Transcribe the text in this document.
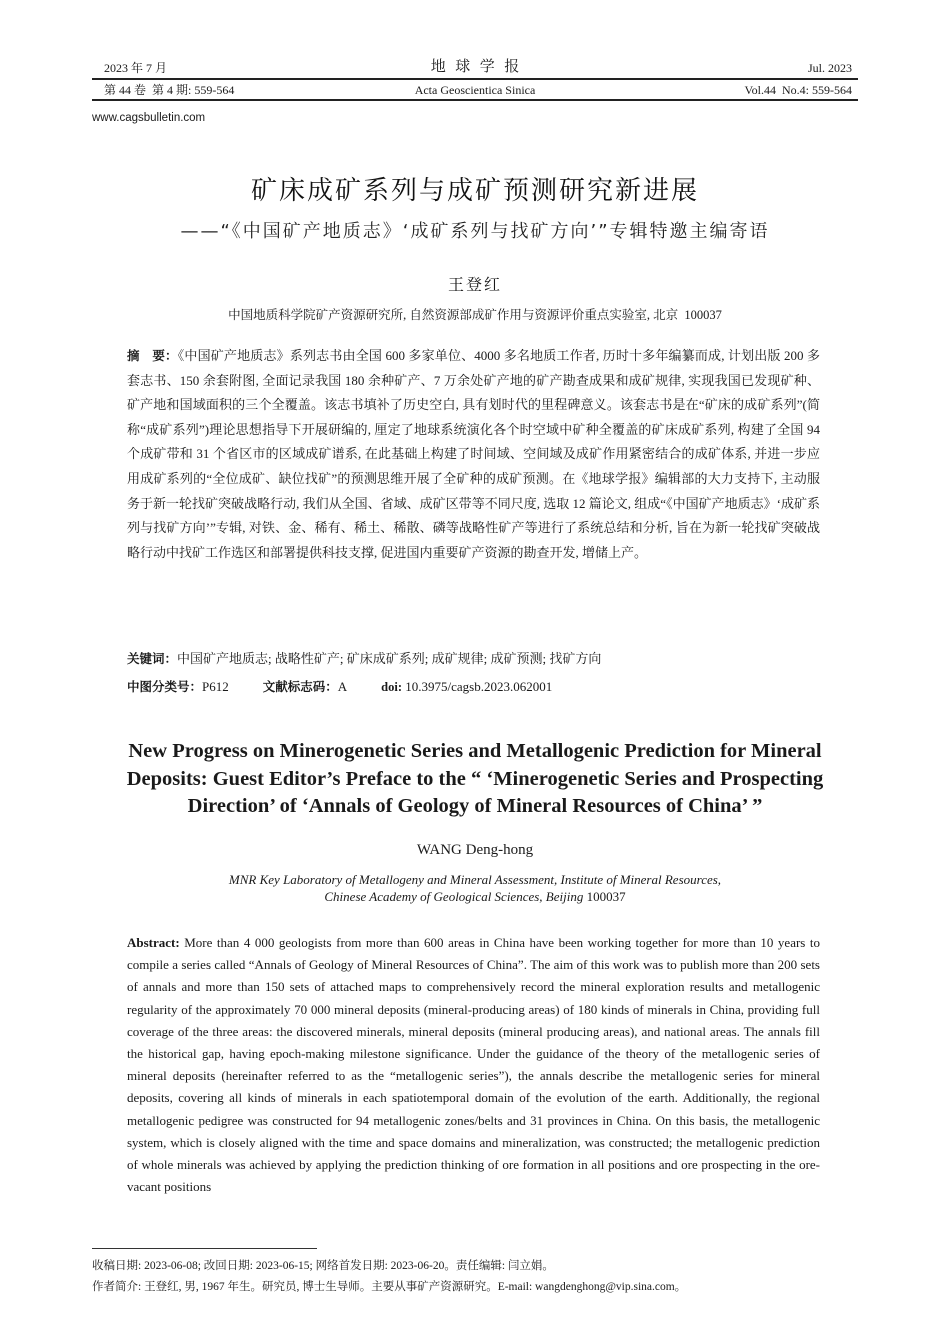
2023 年 7 月	地  球  学  报	Jul. 2023
第 44 卷  第 4 期: 559-564	Acta Geoscientica Sinica	Vol.44  No.4: 559-564
www.cagsbulletin.com
矿床成矿系列与成矿预测研究新进展
——“《中国矿产地质志》‘成矿系列与找矿方向’”专辑特邀主编寄语
王登红
中国地质科学院矿产资源研究所, 自然资源部成矿作用与资源评价重点实验室, 北京  100037
摘　要：《中国矿产地质志》系列志书由全国 600 多家单位、4000 多名地质工作者, 历时十多年编纂而成, 计划出版 200 多套志书、150 余套附图, 全面记录我国 180 余种矿产、7 万余处矿产地的矿产勘查成果和成矿规律, 实现我国已发现矿种、矿产地和国域面积的三个全覆盖。该志书填补了历史空白, 具有划时代的里程碑意义。该套志书是在“矿床的成矿系列”(简称“成矿系列”)理论思想指导下开展研编的, 厘定了地球系统演化各个时空域中矿种全覆盖的矿床成矿系列, 构建了全国 94 个成矿带和 31 个省区市的区域成矿谱系, 在此基础上构建了时间域、空间域及成矿作用紧密结合的成矿体系, 并进一步应用成矿系列的“全位成矿、缺位找矿”的预测思维开展了全矿种的成矿预测。在《地球学报》编辑部的大力支持下, 主动服务于新一轮找矿突破战略行动, 我们从全国、省域、成矿区带等不同尺度, 选取 12 篇论文, 组成“《中国矿产地质志》‘成矿系列与找矿方向’”专辑, 对铁、金、稀有、稀土、稀散、磷等战略性矿产等进行了系统总结和分析, 旨在为新一轮找矿突破战略行动中找矿工作选区和部署提供科技支撑, 促进国内重要矿产资源的勘查开发, 增储上产。
关键词：中国矿产地质志; 战略性矿产; 矿床成矿系列; 成矿规律; 成矿预测; 找矿方向
中图分类号：P612	文献标志码：A	doi: 10.3975/cagsb.2023.062001
New Progress on Minerogenetic Series and Metallogenic Prediction for Mineral Deposits: Guest Editor’s Preface to the “ ‘Minerogenetic Series and Prospecting Direction’ of ‘Annals of Geology of Mineral Resources of China’ ”
WANG Deng-hong
MNR Key Laboratory of Metallogeny and Mineral Assessment, Institute of Mineral Resources,
Chinese Academy of Geological Sciences, Beijing 100037
Abstract: More than 4 000 geologists from more than 600 areas in China have been working together for more than 10 years to compile a series called “Annals of Geology of Mineral Resources of China”. The aim of this work was to publish more than 200 sets of annals and more than 150 sets of attached maps to comprehensively record the mineral exploration results and metallogenic regularity of the approximately 70 000 mineral deposits (mineral-producing areas) of 180 kinds of minerals in China, providing full coverage of the three areas: the discovered minerals, mineral deposits (mineral producing areas), and national areas. The annals fill the historical gap, having epoch-making milestone significance. Under the guidance of the theory of the metallogenic series of mineral deposits (hereinafter referred to as the “metallogenic series”), the annals describe the metallogenic series for mineral deposits, covering all kinds of minerals in each spatiotemporal domain of the evolution of the earth. Additionally, the regional metallogenic pedigree was constructed for 94 metallogenic zones/belts and 31 provinces in China. On this basis, the metallogenic system, which is closely aligned with the time and space domains and mineralization, was constructed; the metallogenic prediction of whole minerals was achieved by applying the prediction thinking of ore formation in all positions and ore prospecting in the ore-vacant positions
收稿日期: 2023-06-08; 改回日期: 2023-06-15; 网络首发日期: 2023-06-20。责任编辑: 闫立娟。
作者简介: 王登红, 男, 1967 年生。研究员, 博士生导师。主要从事矿产资源研究。E-mail: wangdenghong@vip.sina.com。
